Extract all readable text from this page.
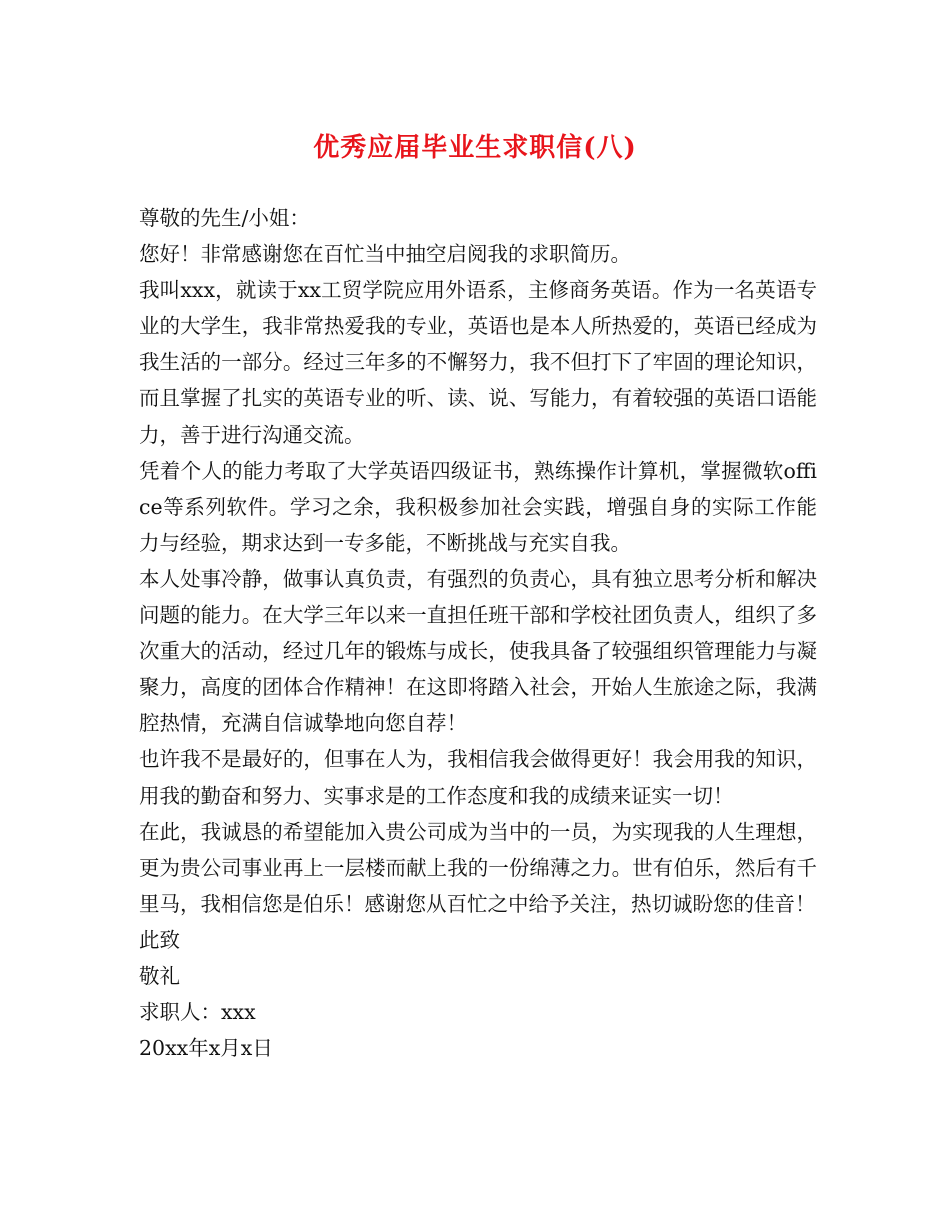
优秀应届毕业生求职信(八)

尊敬的先生/小姐：

您好！非常感谢您在百忙当中抽空启阅我的求职简历。

我叫xxx，就读于xx工贸学院应用外语系，主修商务英语。作为一名英语专业的大学生，我非常热爱我的专业，英语也是本人所热爱的，英语已经成为我生活的一部分。经过三年多的不懈努力，我不但打下了牢固的理论知识，而且掌握了扎实的英语专业的听、读、说、写能力，有着较强的英语口语能力，善于进行沟通交流。

凭着个人的能力考取了大学英语四级证书，熟练操作计算机，掌握微软office等系列软件。学习之余，我积极参加社会实践，增强自身的实际工作能力与经验，期求达到一专多能，不断挑战与充实自我。

本人处事冷静，做事认真负责，有强烈的负责心，具有独立思考分析和解决问题的能力。在大学三年以来一直担任班干部和学校社团负责人，组织了多次重大的活动，经过几年的锻炼与成长，使我具备了较强组织管理能力与凝聚力，高度的团体合作精神！在这即将踏入社会，开始人生旅途之际，我满腔热情，充满自信诚挚地向您自荐！

也许我不是最好的，但事在人为，我相信我会做得更好！我会用我的知识，用我的勤奋和努力、实事求是的工作态度和我的成绩来证实一切！

在此，我诚恳的希望能加入贵公司成为当中的一员，为实现我的人生理想，更为贵公司事业再上一层楼而献上我的一份绵薄之力。世有伯乐，然后有千里马，我相信您是伯乐！感谢您从百忙之中给予关注，热切诚盼您的佳音！

此致

敬礼

求职人：xxx

20xx年x月x日
